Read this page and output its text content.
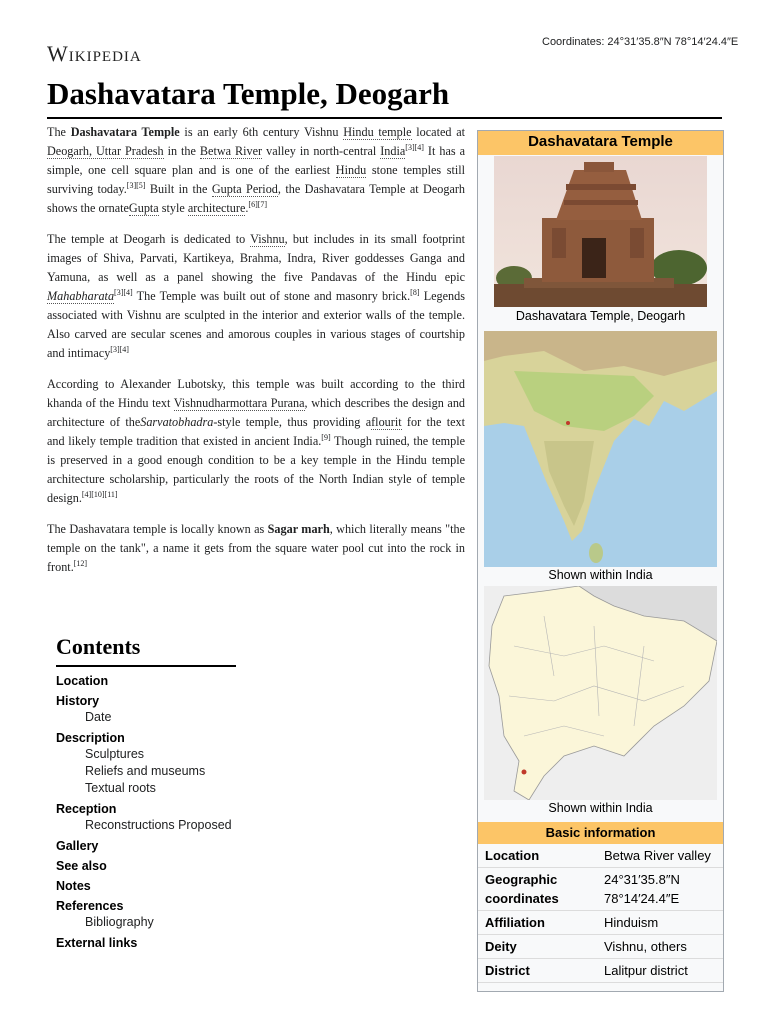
Wikipedia	Coordinates: 24°31′35.8″N 78°14′24.4″E
Dashavatara Temple, Deogarh

The Dashavatara Temple is an early 6th century Vishnu Hindu temple located at Deogarh, Uttar Pradesh in the Betwa River valley in north-central India[3][4] It has a simple, one cell square plan and is one of the earliest Hindu stone temples still surviving today.[3][5] Built in the Gupta Period, the Dashavatara Temple at Deogarh shows the ornateGupta style architecture.[6][7]

The temple at Deogarh is dedicated to Vishnu, but includes in its small footprint images of Shiva, Parvati, Kartikeya, Brahma, Indra, River goddesses Ganga and Yamuna, as well as a panel showing the five Pandavas of the Hindu epic Mahabharata[3][4] The Temple was built out of stone and masonry brick.[8] Legends associated with Vishnu are sculpted in the interior and exterior walls of the temple. Also carved are secular scenes and amorous couples in various stages of courtship and intimacy[3][4]

According to Alexander Lubotsky, this temple was built according to the third khanda of the Hindu text Vishnudharmottara Purana, which describes the design and architecture of theSarvatobhadra-style temple, thus providing aflourit for the text and likely temple tradition that existed in ancient India.[9] Though ruined, the temple is preserved in a good enough condition to be a key temple in the Hindu temple architecture scholarship, particularly the roots of the North Indian style of temple design.[4][10][11]

The Dashavatara temple is locally known as Sagar marh, which literally means "the temple on the tank", a name it gets from the square water pool cut into the rock in front.[12]

Contents
Location
History
Date
Description
Sculptures
Reliefs and museums
Textual roots
Reception
Reconstructions Proposed
Gallery
See also
Notes
References
Bibliography
External links
Dashavatara Temple
Dashavatara Temple, Deogarh
Shown within India
Shown within India
Basic information
Location	Betwa River valley
Geographic coordinates
24°31′35.8″N 78°14′24.4″E
Affiliation	Hinduism
Deity	Vishnu, others
District	Lalitpur district
